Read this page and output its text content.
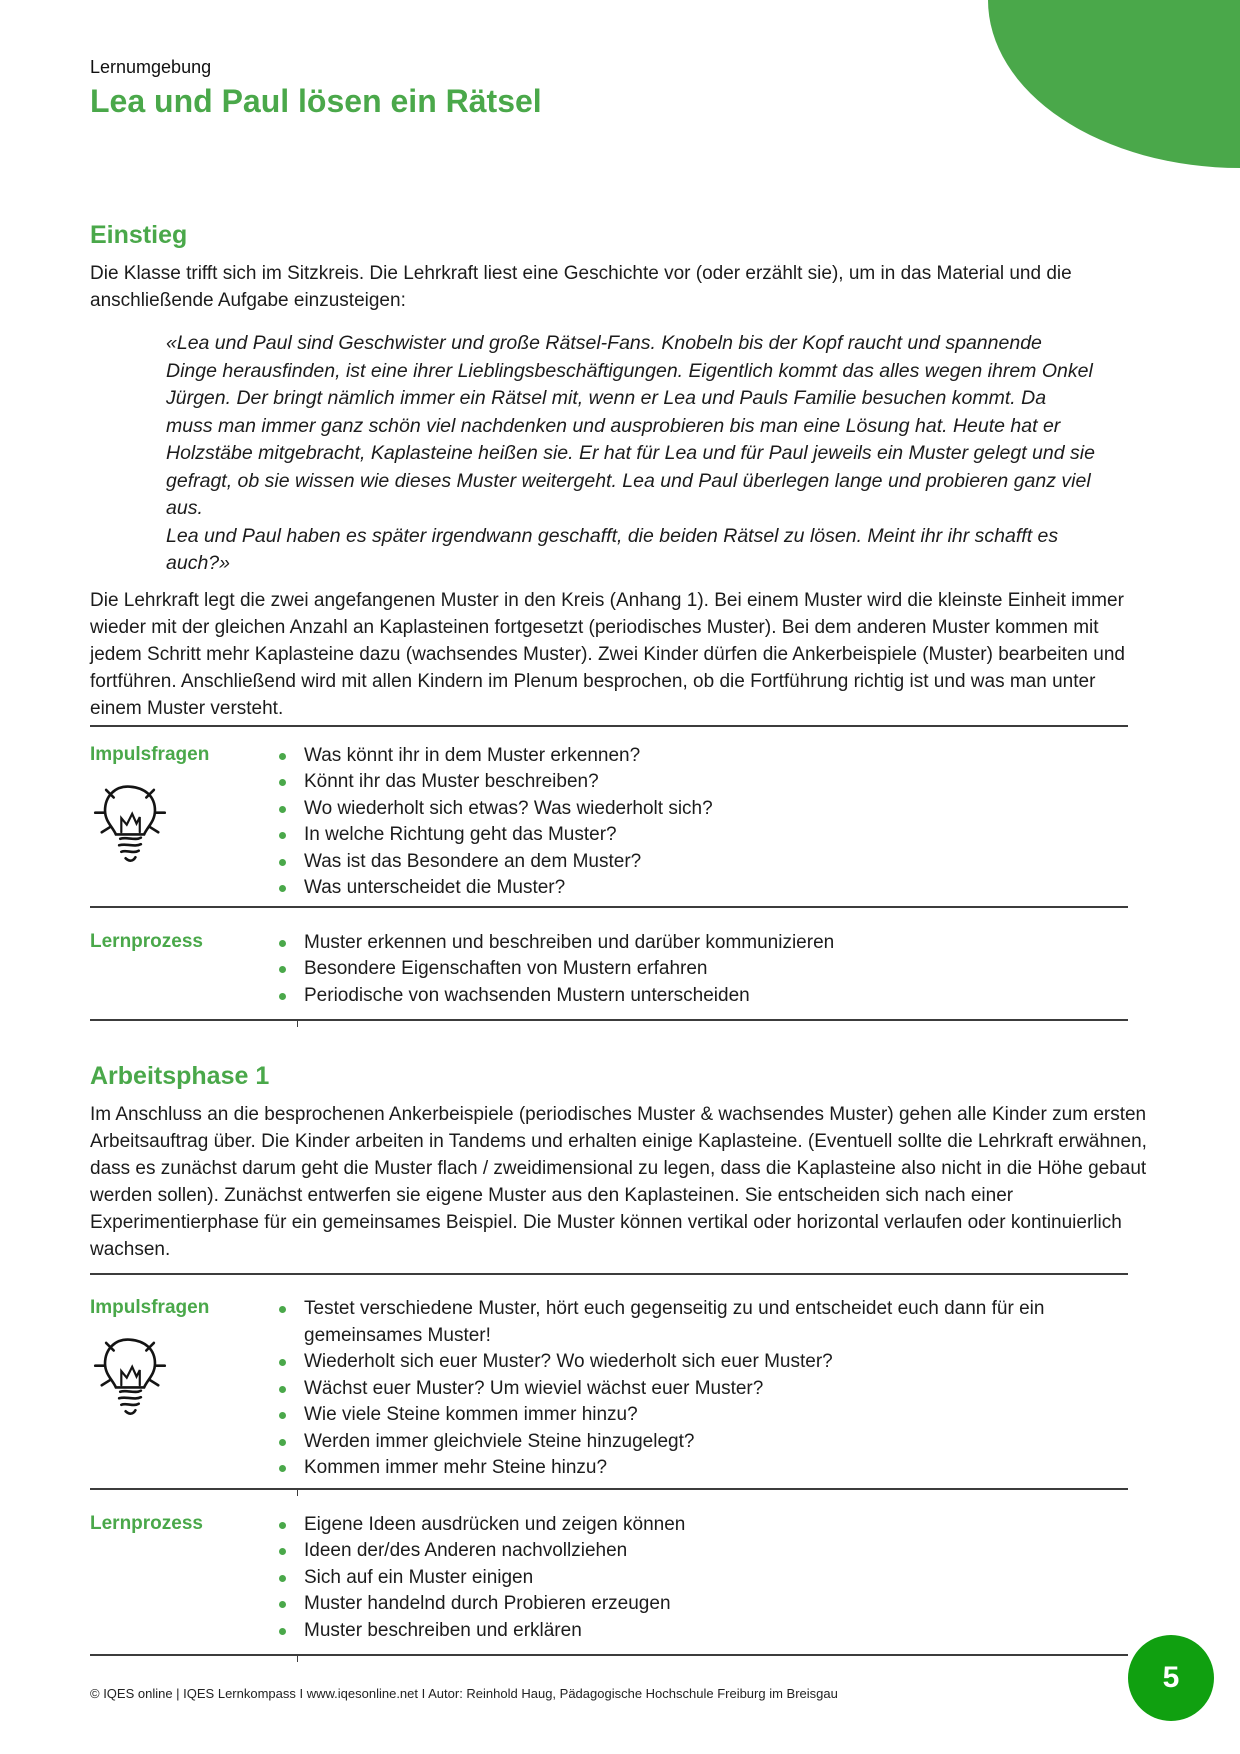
Lernumgebung
Lea und Paul lösen ein Rätsel
Einstieg

Die Klasse trifft sich im Sitzkreis. Die Lehrkraft liest eine Geschichte vor (oder erzählt sie), um in das Material und die anschließende Aufgabe einzusteigen:

«Lea und Paul sind Geschwister und große Rätsel-Fans. Knobeln bis der Kopf raucht und spannende Dinge herausfinden, ist eine ihrer Lieblingsbeschäftigungen. Eigentlich kommt das alles wegen ihrem Onkel Jürgen. Der bringt nämlich immer ein Rätsel mit, wenn er Lea und Pauls Familie besuchen kommt. Da muss man immer ganz schön viel nachdenken und ausprobieren bis man eine Lösung hat. Heute hat er Holzstäbe mitgebracht, Kaplasteine heißen sie. Er hat für Lea und für Paul jeweils ein Muster gelegt und sie gefragt, ob sie wissen wie dieses Muster weitergeht. Lea und Paul überlegen lange und probieren ganz viel aus.

Lea und Paul haben es später irgendwann geschafft, die beiden Rätsel zu lösen. Meint ihr ihr schafft es auch?»

Die Lehrkraft legt die zwei angefangenen Muster in den Kreis (Anhang 1). Bei einem Muster wird die kleinste Einheit immer wieder mit der gleichen Anzahl an Kaplasteinen fortgesetzt (periodisches Muster). Bei dem anderen Muster kommen mit jedem Schritt mehr Kaplasteine dazu (wachsendes Muster). Zwei Kinder dürfen die Ankerbeispiele (Muster) bearbeiten und fortführen. Anschließend wird mit allen Kindern im Plenum besprochen, ob die Fortführung richtig ist und was man unter einem Muster versteht.

Impulsfragen	Was könnt ihr in dem Muster erkennen?
Könnt ihr das Muster beschreiben?
Wo wiederholt sich etwas? Was wiederholt sich?
In welche Richtung geht das Muster?
Was ist das Besondere an dem Muster?
Was unterscheidet die Muster?
Lernprozess	Muster erkennen und beschreiben und darüber kommunizieren
Besondere Eigenschaften von Mustern erfahren
Periodische von wachsenden Mustern unterscheiden
Arbeitsphase 1

Im Anschluss an die besprochenen Ankerbeispiele (periodisches Muster & wachsendes Muster) gehen alle Kinder zum ersten Arbeitsauftrag über. Die Kinder arbeiten in Tandems und erhalten einige Kaplasteine. (Eventuell sollte die Lehrkraft erwähnen, dass es zunächst darum geht die Muster flach / zweidimensional zu legen, dass die Kaplasteine also nicht in die Höhe gebaut werden sollen). Zunächst entwerfen sie eigene Muster aus den Kaplasteinen. Sie entscheiden sich nach einer Experimentierphase für ein gemeinsames Beispiel. Die Muster können vertikal oder horizontal verlaufen oder kontinuierlich wachsen.

Impulsfragen	Testet verschiedene Muster, hört euch gegenseitig zu und entscheidet euch dann für ein gemeinsames Muster!
Wiederholt sich euer Muster? Wo wiederholt sich euer Muster?
Wächst euer Muster? Um wieviel wächst euer Muster?
Wie viele Steine kommen immer hinzu?
Werden immer gleichviele Steine hinzugelegt?
Kommen immer mehr Steine hinzu?
Lernprozess	Eigene Ideen ausdrücken und zeigen können
Ideen der/des Anderen nachvollziehen
Sich auf ein Muster einigen
Muster handelnd durch Probieren erzeugen
Muster beschreiben und erklären
© IQES online | IQES Lernkompass I www.iqesonline.net I Autor: Reinhold Haug, Pädagogische Hochschule Freiburg im Breisgau	5
